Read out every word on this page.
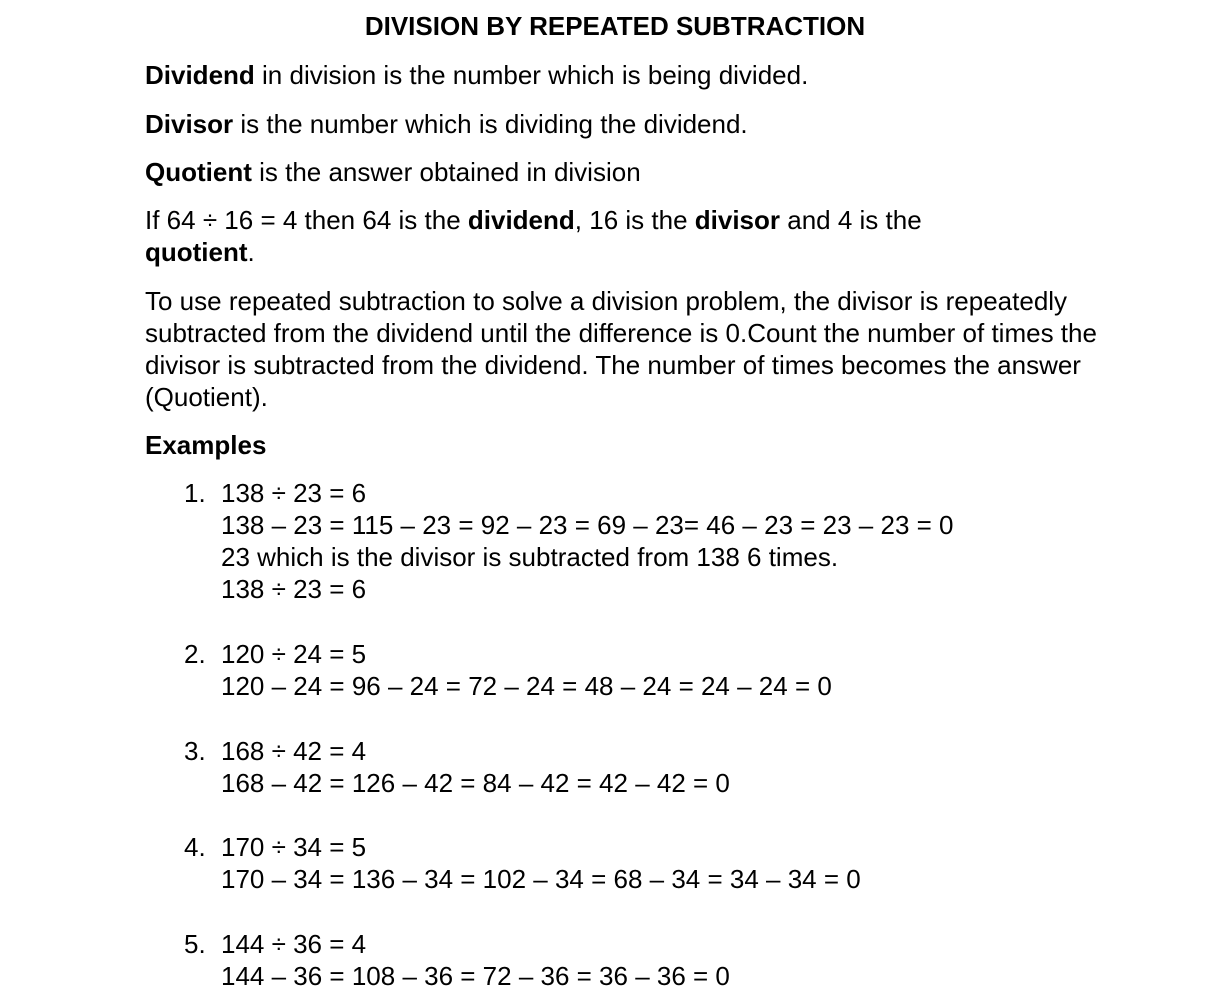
DIVISION BY REPEATED SUBTRACTION

Dividend in division is the number which is being divided.

Divisor is the number which is dividing the dividend.

Quotient is the answer obtained in division

If 64 ÷ 16 = 4 then 64 is the dividend, 16 is the divisor and 4 is the quotient.

To use repeated subtraction to solve a division problem, the divisor is repeatedly subtracted from the dividend until the difference is 0.Count the number of times the divisor is subtracted from the dividend. The number of times becomes the answer (Quotient).

Examples

1. 138 ÷ 23 = 6
138 – 23 = 115 – 23 = 92 – 23 = 69 – 23= 46 – 23 = 23 – 23 = 0
23 which is the divisor is subtracted from 138 6 times.
138 ÷ 23 = 6
2. 120 ÷ 24 = 5
120 – 24 = 96 – 24 = 72 – 24 = 48 – 24 = 24 – 24 = 0
3. 168 ÷ 42 = 4
168 – 42 = 126 – 42 = 84 – 42 = 42 – 42 = 0
4. 170 ÷ 34 = 5
170 – 34 = 136 – 34 = 102 – 34 = 68 – 34 = 34 – 34 = 0
5. 144 ÷ 36 = 4
144 – 36 = 108 – 36 = 72 – 36 = 36 – 36 = 0
